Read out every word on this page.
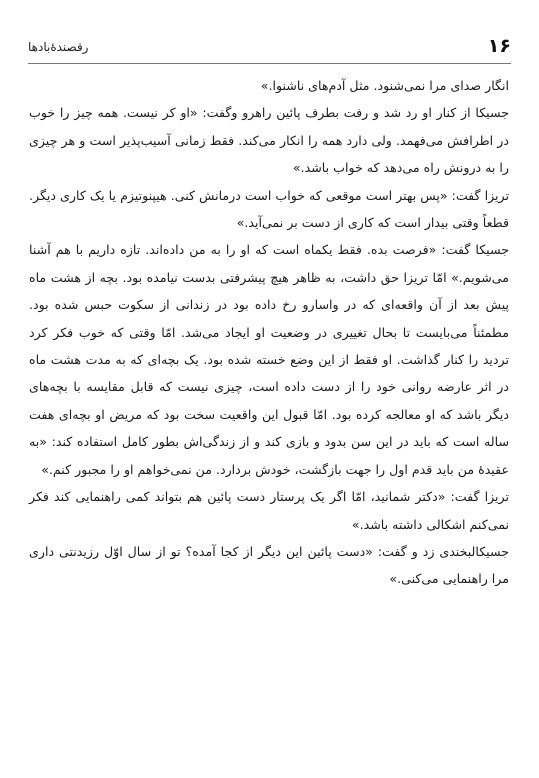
۱۶
رقصندۀبادها

انگار صدای مرا نمی‌شنود. مثل آدم‌های ناشنوا.»

جسیکا از کنار او رد شد و رفت بطرف پائین راهرو وگفت: «او کر نیست. همه چیز را خوب در اطرافش می‌فهمد. ولی دارد همه را انکار می‌کند. فقط زمانی آسیب‌پذیر است و هر چیزی را به درونش راه می‌دهد که خواب باشد.»

تریزا گفت: «پس بهتر است موقعی که خواب است درمانش کنی. هیپنوتیزم یا یک کاری دیگر. قطعاً وقتی بیدار است که کاری از دست بر نمی‌آید.»

جسیکا گفت: «فرصت بده. فقط یکماه است که او را به من داده‌اند. تازه داریم با هم آشنا می‌شویم.» امّا تریزا حق داشت، به ظاهر هیچ پیشرفتی بدست نیامده بود. بچه از هشت ماه پیش بعد از آن واقعه‌ای که در واسارو رخ داده بود در زندانی از سکوت حبس شده بود. مطمئناً می‌بایست تا بحال تغییری در وضعیت او ایجاد می‌شد. امّا وقتی که خوب فکر کرد تردید را کنار گذاشت. او فقط از این وضع خسته شده بود. یک بچه‌ای که به مدت هشت ماه در اثر عارضه روانی خود را از دست داده است، چیزی نیست که قابل مقایسه با بچه‌های دیگر باشد که او معالجه کرده بود. امّا قبول این واقعیت سخت بود که مریض او بچه‌ای هفت ساله است که باید در این سن بدود و بازی کند و از زندگی‌اش بطور کامل استفاده کند: «به عقیدۀ من باید قدم اول را جهت بازگشت، خودش بردارد. من نمی‌خواهم او را مجبور کنم.»

تریزا گفت: «دکتر شمانید، امّا اگر یک پرستار دست پائین هم بتواند کمی راهنمایی کند فکر نمی‌کنم اشکالی داشته باشد.»

جسیکالبخندی زد و گفت: «دست پائین این دیگر از کجا آمده؟ تو از سال اوّل رزیدنتی داری مرا راهنمایی می‌کنی.»
